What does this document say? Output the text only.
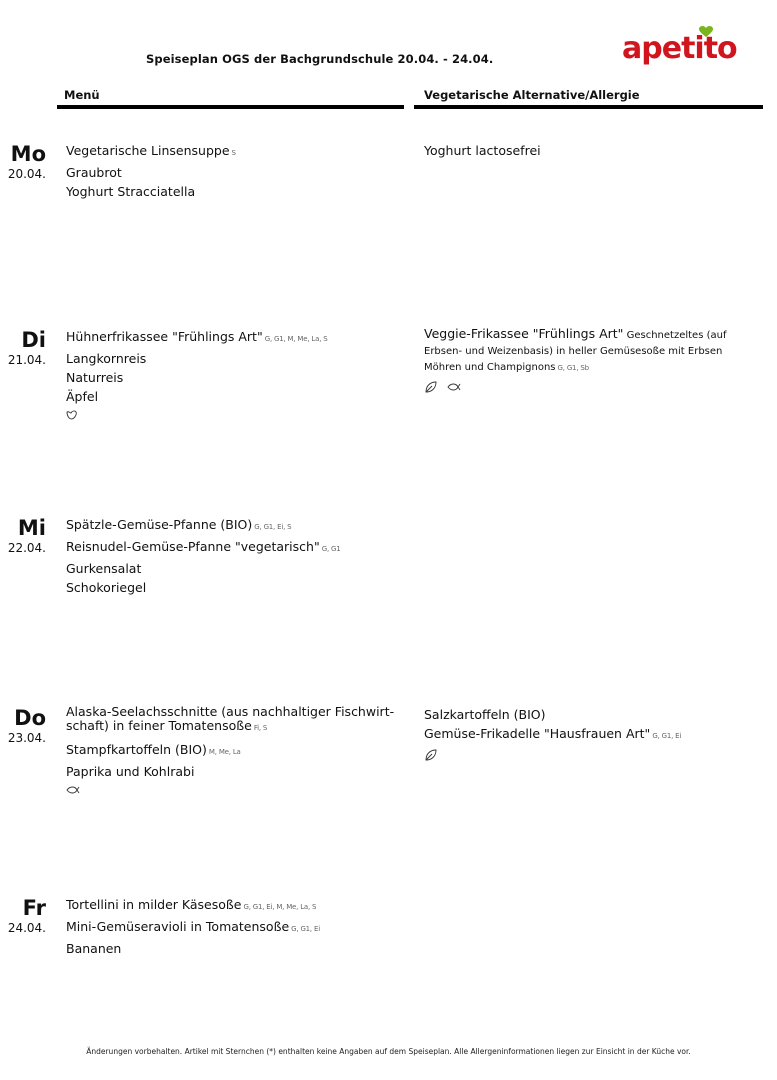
Speiseplan OGS der Bachgrundschule 20.04. - 24.04.	apetito
Menü	Vegetarische Alternative/Allergie
Mo
20.04.
Vegetarische Linsensuppe S
Graubrot
Yoghurt Stracciatella
Yoghurt lactosefrei
Di
21.04.
Hühnerfrikassee "Frühlings Art" G, G1, M, Me, La, S
Langkornreis
Naturreis
Äpfel
Veggie-Frikassee "Frühlings Art" Geschnetzeltes (auf Erbsen- und Weizenbasis) in heller Gemüsesoße mit Erbsen Möhren und Champignons G, G1, Sb
Mi
22.04.
Spätzle-Gemüse-Pfanne (BIO) G, G1, Ei, S
Reisnudel-Gemüse-Pfanne "vegetarisch" G, G1
Gurkensalat
Schokoriegel
Do
23.04.
Alaska-Seelachsschnitte (aus nachhaltiger Fischwirt-schaft) in feiner Tomatensoße Fi, S
Stampfkartoffeln (BIO) M, Me, La
Paprika und Kohlrabi
Salzkartoffeln (BIO)
Gemüse-Frikadelle "Hausfrauen Art" G, G1, Ei
Fr
24.04.
Tortellini in milder Käsesoße G, G1, Ei, M, Me, La, S
Mini-Gemüseravioli in Tomatensoße G, G1, Ei
Bananen
Änderungen vorbehalten. Artikel mit Sternchen (*) enthalten keine Angaben auf dem Speiseplan. Alle Allergeninformationen liegen zur Einsicht in der Küche vor.
